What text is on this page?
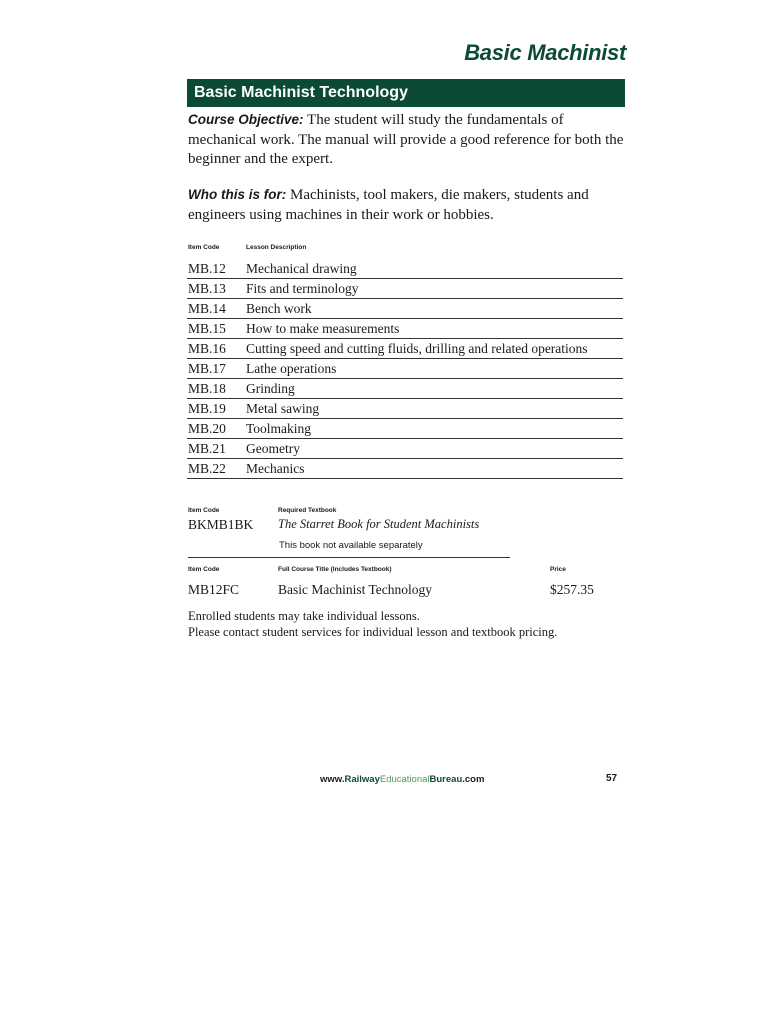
Basic Machinist
Basic Machinist Technology
Course Objective: The student will study the fundamentals of mechanical work. The manual will provide a good reference for both the beginner and the expert.
Who this is for: Machinists, tool makers, die makers, students and engineers using machines in their work or hobbies.
Item Code	Lesson Description
MB.12 Mechanical drawing
MB.13 Fits and terminology
MB.14 Bench work
MB.15 How to make measurements
MB.16 Cutting speed and cutting fluids, drilling and related operations
MB.17 Lathe operations
MB.18 Grinding
MB.19 Metal sawing
MB.20 Toolmaking
MB.21 Geometry
MB.22 Mechanics
Item Code	Required Textbook
BKMB1BK The Starret Book for Student Machinists
This book not available separately
Item Code	Full Course Title (Includes Textbook)	Price
MB12FC	Basic Machinist Technology	$257.35
Enrolled students may take individual lessons.
Please contact student services for individual lesson and textbook pricing.
www.RailwayEducationalBureau.com	57
